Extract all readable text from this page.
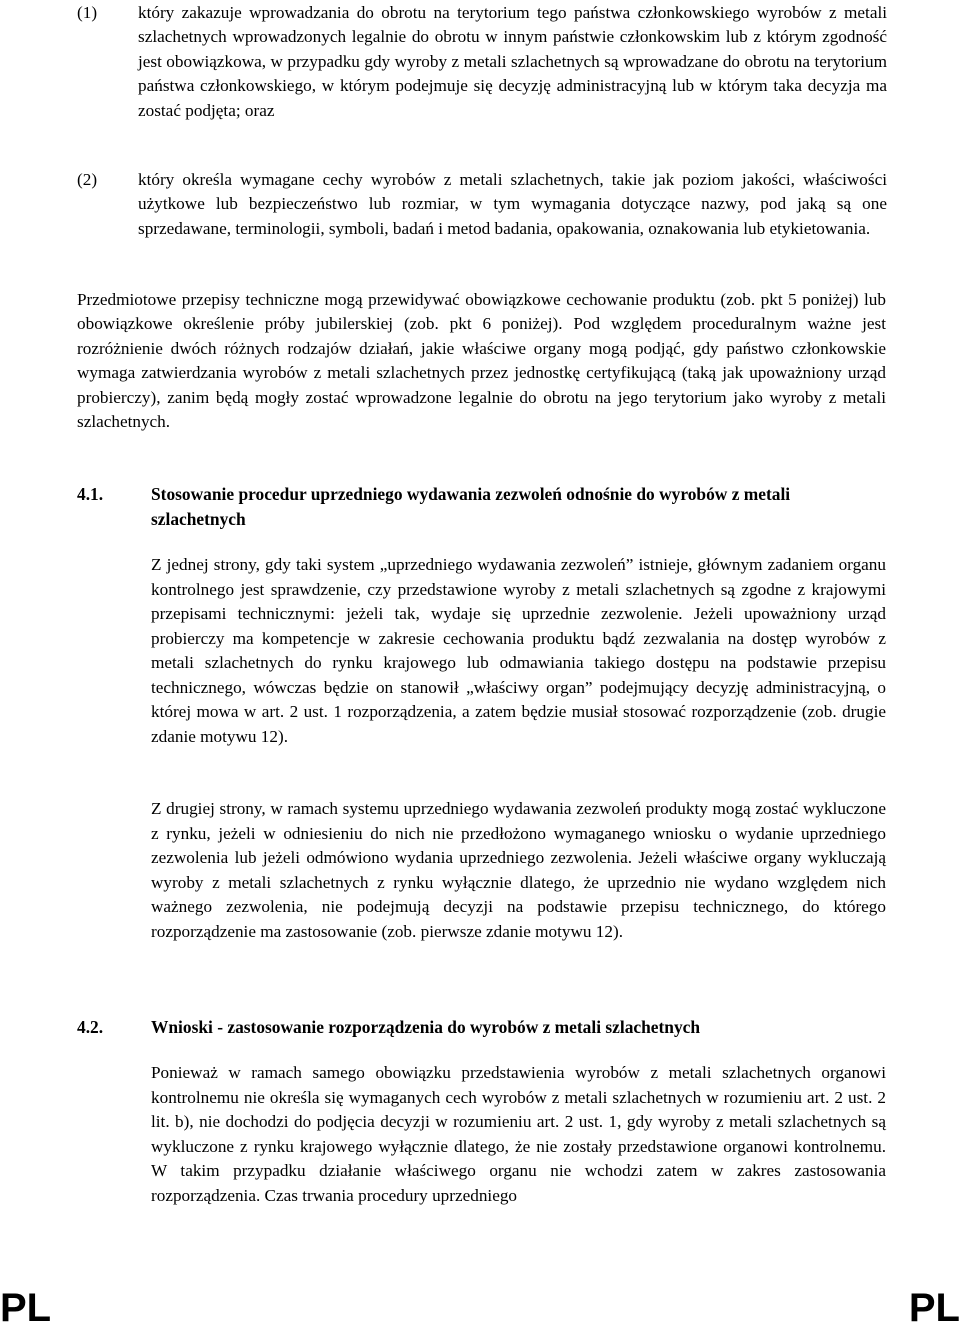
(1) który zakazuje wprowadzania do obrotu na terytorium tego państwa członkowskiego wyrobów z metali szlachetnych wprowadzonych legalnie do obrotu w innym państwie członkowskim lub z którym zgodność jest obowiązkowa, w przypadku gdy wyroby z metali szlachetnych są wprowadzane do obrotu na terytorium państwa członkowskiego, w którym podejmuje się decyzję administracyjną lub w którym taka decyzja ma zostać podjęta; oraz

(2) który określa wymagane cechy wyrobów z metali szlachetnych, takie jak poziom jakości, właściwości użytkowe lub bezpieczeństwo lub rozmiar, w tym wymagania dotyczące nazwy, pod jaką są one sprzedawane, terminologii, symboli, badań i metod badania, opakowania, oznakowania lub etykietowania.

Przedmiotowe przepisy techniczne mogą przewidywać obowiązkowe cechowanie produktu (zob. pkt 5 poniżej) lub obowiązkowe określenie próby jubilerskiej (zob. pkt 6 poniżej). Pod względem proceduralnym ważne jest rozróżnienie dwóch różnych rodzajów działań, jakie właściwe organy mogą podjąć, gdy państwo członkowskie wymaga zatwierdzania wyrobów z metali szlachetnych przez jednostkę certyfikującą (taką jak upoważniony urząd probierczy), zanim będą mogły zostać wprowadzone legalnie do obrotu na jego terytorium jako wyroby z metali szlachetnych.

4.1.	Stosowanie procedur uprzedniego wydawania zezwoleń odnośnie do wyrobów z metali szlachetnych

Z jednej strony, gdy taki system „uprzedniego wydawania zezwoleń” istnieje, głównym zadaniem organu kontrolnego jest sprawdzenie, czy przedstawione wyroby z metali szlachetnych są zgodne z krajowymi przepisami technicznymi: jeżeli tak, wydaje się uprzednie zezwolenie. Jeżeli upoważniony urząd probierczy ma kompetencje w zakresie cechowania produktu bądź zezwalania na dostęp wyrobów z metali szlachetnych do rynku krajowego lub odmawiania takiego dostępu na podstawie przepisu technicznego, wówczas będzie on stanowił „właściwy organ” podejmujący decyzję administracyjną, o której mowa w art. 2 ust. 1 rozporządzenia, a zatem będzie musiał stosować rozporządzenie (zob. drugie zdanie motywu 12).

Z drugiej strony, w ramach systemu uprzedniego wydawania zezwoleń produkty mogą zostać wykluczone z rynku, jeżeli w odniesieniu do nich nie przedłożono wymaganego wniosku o wydanie uprzedniego zezwolenia lub jeżeli odmówiono wydania uprzedniego zezwolenia. Jeżeli właściwe organy wykluczają wyroby z metali szlachetnych z rynku wyłącznie dlatego, że uprzednio nie wydano względem nich ważnego zezwolenia, nie podejmują decyzji na podstawie przepisu technicznego, do którego rozporządzenie ma zastosowanie (zob. pierwsze zdanie motywu 12).

4.2.	Wnioski - zastosowanie rozporządzenia do wyrobów z metali szlachetnych

Ponieważ w ramach samego obowiązku przedstawienia wyrobów z metali szlachetnych organowi kontrolnemu nie określa się wymaganych cech wyrobów z metali szlachetnych w rozumieniu art. 2 ust. 2 lit. b), nie dochodzi do podjęcia decyzji w rozumieniu art. 2 ust. 1, gdy wyroby z metali szlachetnych są wykluczone z rynku krajowego wyłącznie dlatego, że nie zostały przedstawione organowi kontrolnemu. W takim przypadku działanie właściwego organu nie wchodzi zatem w zakres zastosowania rozporządzenia. Czas trwania procedury uprzedniego

PL	PL
